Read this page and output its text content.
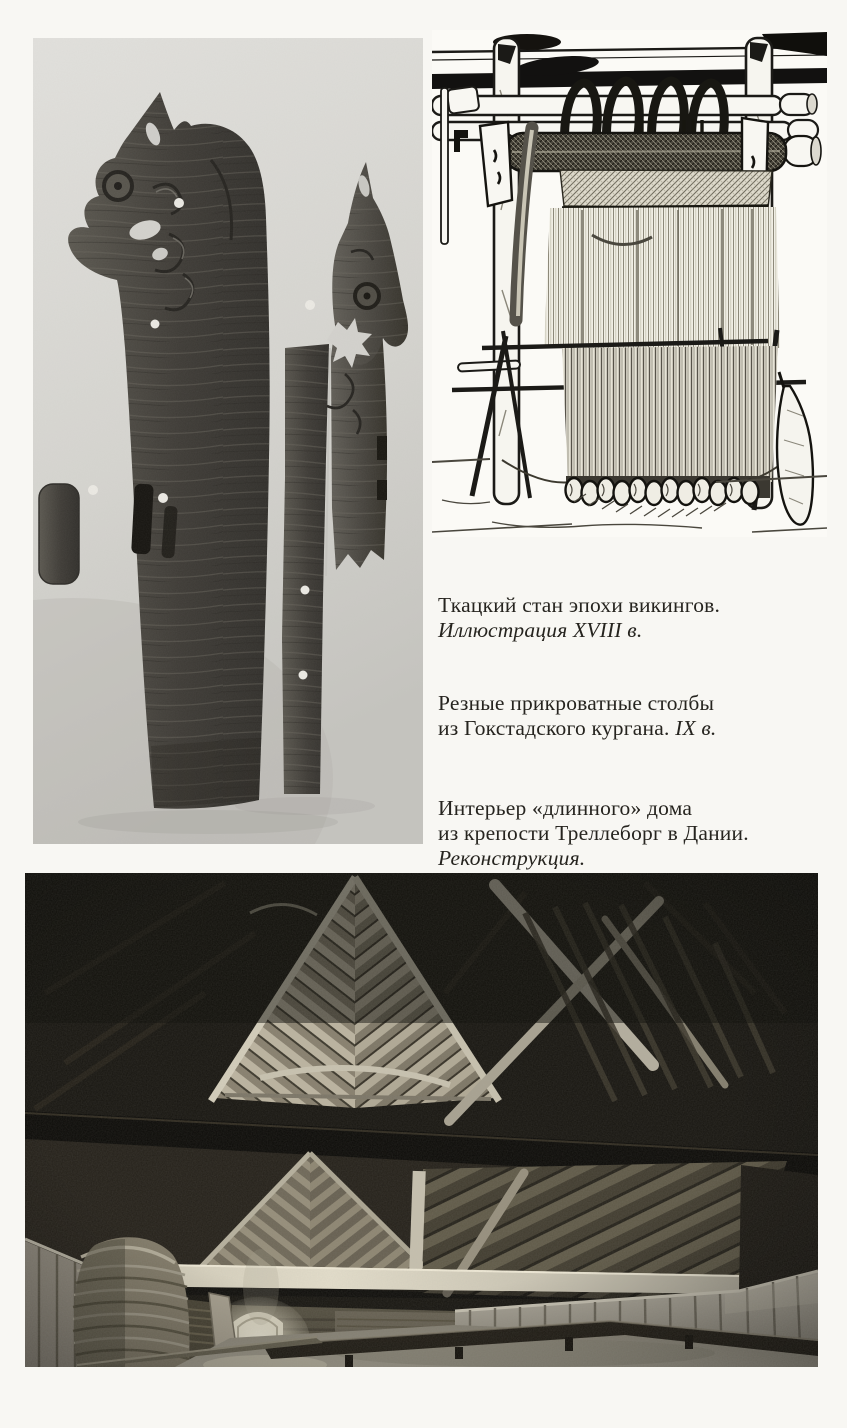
Ткацкий стан эпохи викингов.
Иллюстрация XVIII в.

Резные прикроватные столбы
из Гокстадского кургана. IX в.

Интерьер «длинного» дома
из крепости Треллеборг в Дании.
Реконструкция.
